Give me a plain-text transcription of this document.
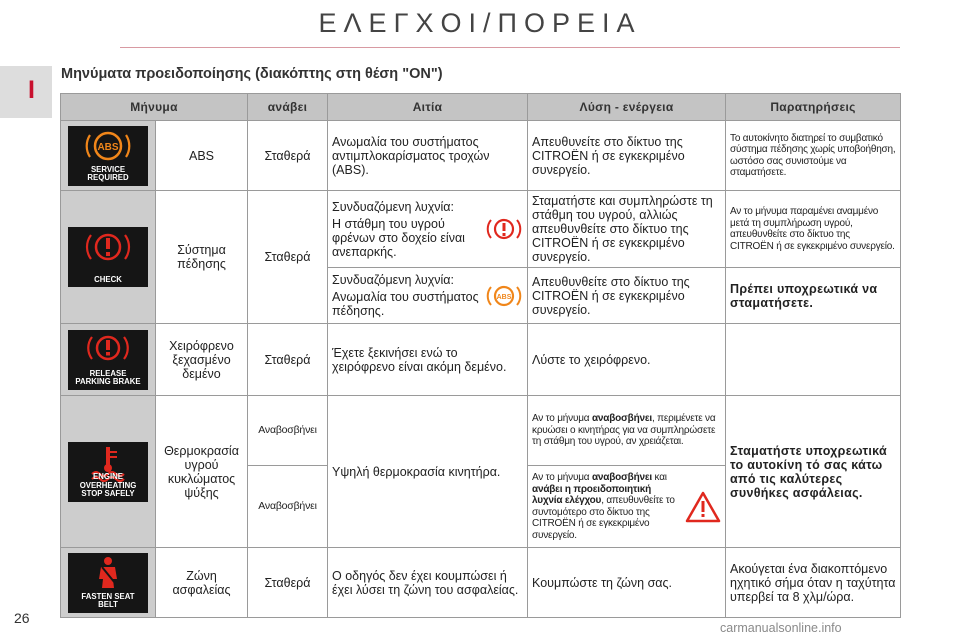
ΕΛΕΓΧΟΙ/ΠΟΡΕΙΑ
I
Μηνύματα προειδοποίησης (διακόπτης στη θέση "ON")
Μήνυμα		ανάβει	Αιτία	Λύση - ενέργεια	Παρατηρήσεις

ABS
SERVICE
REQUIRED	ABS	Σταθερά	Ανωμαλία του συστήματος αντιμπλοκαρίσματος τροχών (ABS).	Απευθυνείτε στο δίκτυο της CITROËN ή σε εγκεκριμένο συνεργείο.	Το αυτοκίνητο διατηρεί το συμβατικό σύστημα πέδησης χωρίς υποβοήθηση, ωστόσο σας συνιστούμε να σταματήσετε.

CHECK	Σύστημα πέδησης	Σταθερά	Συνδυαζόμενη λυχνία:
Η στάθμη του υγρού φρένων στο δοχείο είναι ανεπαρκής.	Σταματήστε και συμπληρώστε τη στάθμη του υγρού, αλλιώς απευθυνθείτε στο δίκτυο της CITROËN ή σε εγκεκριμένο συνεργείο.	Αν το μήνυμα παραμένει αναμμένο μετά τη συμπλήρωση υγρού, απευθυνθείτε στο δίκτυο της CITROËN ή σε εγκεκριμένο συνεργείο.

			Συνδυαζόμενη λυχνία:
Ανωμαλία του συστήματος πέδησης.
ABS	Απευθυνθείτε στο δίκτυο της CITROËN ή σε εγκεκριμένο συνεργείο.	Πρέπει υποχρεωτικά να σταματήσετε.

RELEASE
PARKING BRAKE	Χειρόφρενο ξεχασμένο δεμένο	Σταθερά	Έχετε ξεκινήσει ενώ το χειρόφρενο είναι ακόμη δεμένο.	Λύστε το χειρόφρενο.	

ENGINE OVERHEATING
STOP SAFELY	Θερμοκρασία υγρού κυκλώματος ψύξης	Αναβοσβήνει	Υψηλή θερμοκρασία κινητήρα.	Αν το μήνυμα αναβοσβήνει, περιμένετε να κρυώσει ο κινητήρας για να συμπληρώσετε τη στάθμη του υγρού, αν χρειάζεται.	Σταματήστε υποχρεωτικά το αυτοκίνη τό σας κάτω από τις καλύτερες συνθήκες ασφάλειας.
		Αναβοσβήνει		Αν το μήνυμα αναβοσβήνει και ανάβει η προειδοποιητική λυχνία ελέγχου, απευθυνθείτε το συντομότερο στο δίκτυο της CITROËN ή σε εγκεκριμένο συνεργείο.	

FASTEN SEAT
BELT	Ζώνη ασφαλείας	Σταθερά	Ο οδηγός δεν έχει κουμπώσει ή έχει λύσει τη ζώνη του ασφαλείας.	Κουμπώστε τη ζώνη σας.	Ακούγεται ένα διακοπτόμενο ηχητικό σήμα όταν η ταχύτητα υπερβεί τα 8 χλμ/ώρα.
26
carmanualsonline.info
